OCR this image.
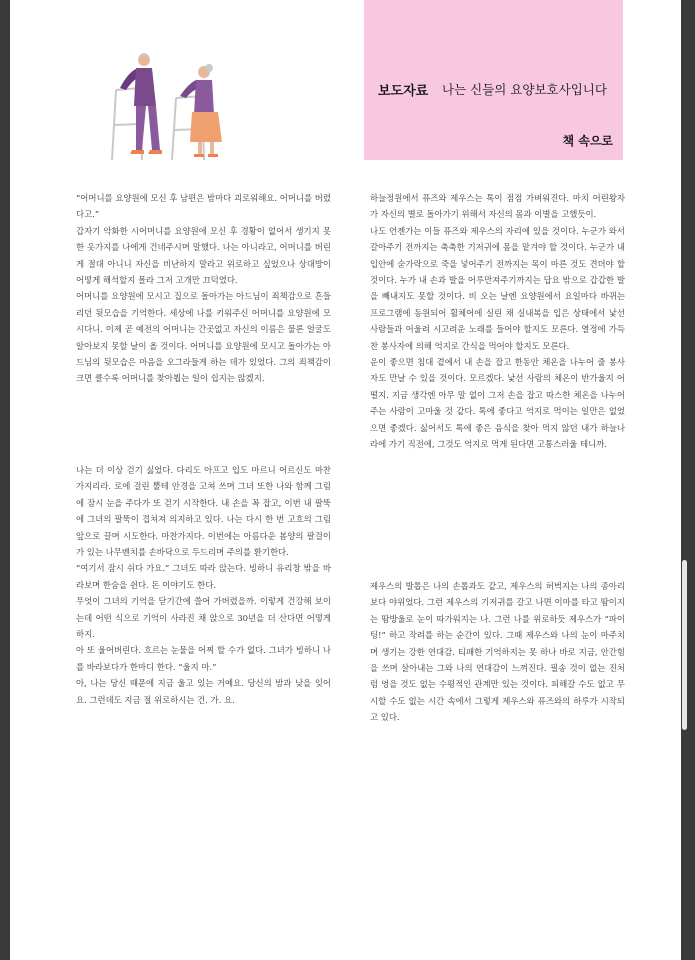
보도자료 나는 신들의 요양보호사입니다
책 속으로

“어머니를 요양원에 모신 후 남편은 밤마다 괴로워해요. 어머니를 버렸다고.”

갑자기 악화한 시어머니를 요양원에 모신 후 경황이 없어서 생기지 못한 옷가지를 나에게 건네주시며 말했다. 나는 아니라고, 어머니를 버린 게 절대 아니니 자신을 비난하지 말라고 위로하고 싶었으나 상대방이 어떻게 해석할지 몰라 그저 고개만 끄덕였다.

어머니를 요양원에 모시고 집으로 돌아가는 아드님이 죄책감으로 흔들리던 뒷모습을 기억한다. 세상에 나를 키워주신 어머니를 요양원에 모시다니. 이제 곧 예전의 어머니는 간곳없고 자신의 이름은 물론 얼굴도 알아보지 못할 날이 올 것이다. 어머니를 요양원에 모시고 돌아가는 아드님의 뒷모습은 마음을 오그라들게 하는 데가 있었다. 그의 죄책감이 크면 클수록 어머니를 찾아뵙는 일이 쉽지는 않겠지.

나는 더 이상 걷기 싫었다. 다리도 아프고 입도 마르니 어르신도 마찬가지리라. 로에 걸린 뿔테 안경을 고쳐 쓰며 그녀 또한 나와 함께 그림에 잠시 눈을 주다가 또 걷기 시작한다. 내 손을 꼭 잡고, 이번 내 팔뚝에 그녀의 팔뚝이 겹쳐져 의지하고 있다. 나는 다시 한 번 고흐의 그림 앞으로 끌며 시도한다. 마찬가지다. 이번에는 아름다운 봄양의 팔걸이가 있는 나무벤치를 손바닥으로 두드리며 주의를 환기한다.

“여기서 잠시 쉬다 가요.” 그녀도 따라 앉는다. 빙하니 유리창 밖을 바라보며 한숨을 쉰다. 돈 이야기도 한다.

무엇이 그녀의 기억을 닫기간에 쓸어 가버렸을까. 이렇게 건강해 보이는데 어떤 식으로 기억이 사라진 채 앉으로 30년을 더 산다면 어떻게 하지.

아 또 울어버린다. 흐르는 눈물을 어찌 할 수가 없다. 그녀가 빙하니 나를 바라보다가 한마디 한다. “울지 마.”

아, 나는 당신 때문에 지금 울고 있는 거예요. 당신의 밤과 낮을 잊어요. 그런데도 지금 절 위로하시는 건. 가. 요.

하늘정원에서 퓨즈와 제우스는 톡이 점점 가벼워진다. 마치 어린왕자가 자신의 별로 돌아가기 위해서 자신의 몸과 이별을 고했듯이.

나도 언젠가는 이들 퓨즈와 제우스의 자리에 있을 것이다. 누군가 와서 갈아주기 전까지는 축축한 기저귀에 몸을 맡겨야 할 것이다. 누군가 내 입안에 숟가락으로 죽을 넣어주기 전까지는 목이 마른 것도 견뎌야 할 것이다. 누가 내 손과 발을 어루만져주기까지는 답요 밖으로 갑갑한 발을 빼내지도 못할 것이다. 비 오는 날엔 요양원에서 요일마다 바뀌는 프로그램에 동원되어 휠체어에 실린 채 실내복을 입은 상태에서 낯선 사람들과 어울려 시고려운 노래를 들어야 할지도 모른다. 열정에 가득 찬 봉사자에 의해 억지로 간식을 먹어야 할지도 모른다.

운이 좋으면 침대 곁에서 내 손을 잡고 한동안 체온을 나누어 줄 봉사자도 만날 수 있을 것이다. 모르겠다. 낯선 사람의 체온이 반가울지 어떨지. 지금 생각엔 아무 말 없이 그저 손을 잡고 따스한 체온을 나누어 주는 사람이 고마울 것 같다. 톡에 좋다고 억지로 먹이는 일만은 없었으면 좋겠다. 싫어서도 톡에 좋은 음식을 찾아 먹지 않던 내가 하늘나라에 가기 직전에, 그것도 억지로 먹게 된다면 고통스러울 테니까.

제우스의 발톱은 나의 손톱과도 같고, 제우스의 허벅지는 나의 종아리보다 야위었다. 그런 제우스의 기저귀를 갈고 나면 이마를 타고 땀이지는 땀방울로 눈이 따가워지는 나. 그런 나를 위로하듯 제우스가 “파이팅!” 하고 작려를 하는 순간이 있다. 그때 제우스와 나의 눈이 마주치며 생기는 강한 연대감. 티패한 기억하지는 못 하나 바로 지금, 안간힘을 쓰며 살아내는 그와 나의 연대감이 느껴진다. 필송 것이 없는 진처럼 엉을 것도 없는 수평적인 관계만 있는 것이다. 피해갈 수도 없고 무시할 수도 없는 시간 속에서 그렇게 제우스와 퓨즈와의 하루가 시작되고 있다.
